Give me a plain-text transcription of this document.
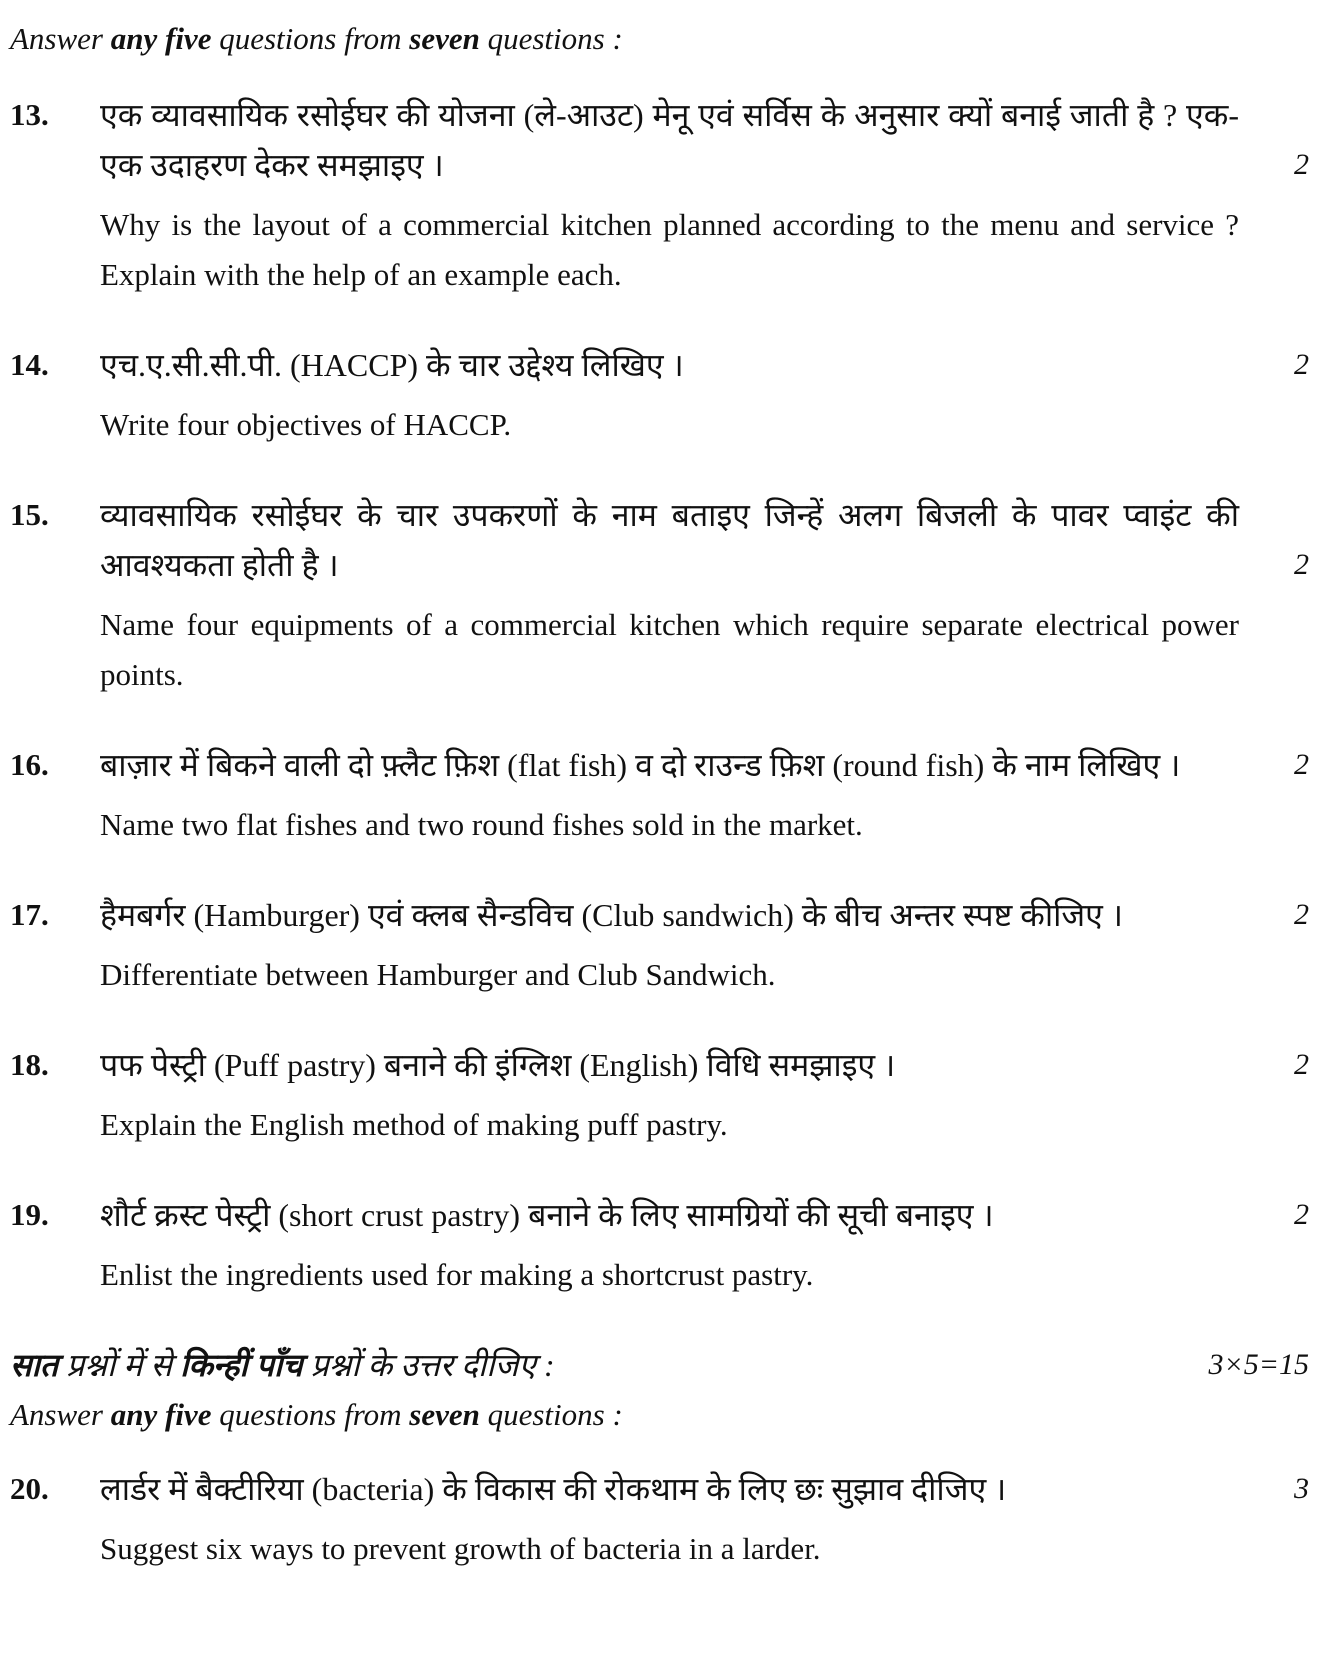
Answer any five questions from seven questions :
13.	एक व्यावसायिक रसोईघर की योजना (ले-आउट) मेनू एवं सर्विस के अनुसार क्यों बनाई जाती है ? एक-एक उदाहरण देकर समझाइए ।	2
Why is the layout of a commercial kitchen planned according to the menu and service ? Explain with the help of an example each.
14.	एच.ए.सी.सी.पी. (HACCP) के चार उद्देश्य लिखिए ।	2
Write four objectives of HACCP.
15.	व्यावसायिक रसोईघर के चार उपकरणों के नाम बताइए जिन्हें अलग बिजली के पावर प्वाइंट की आवश्यकता होती है ।	2
Name four equipments of a commercial kitchen which require separate electrical power points.
16.	बाज़ार में बिकने वाली दो फ़्लैट फ़िश (flat fish) व दो राउन्ड फ़िश (round fish) के नाम लिखिए ।	2
Name two flat fishes and two round fishes sold in the market.
17.	हैमबर्गर (Hamburger) एवं क्लब सैन्डविच (Club sandwich) के बीच अन्तर स्पष्ट कीजिए ।	2
Differentiate between Hamburger and Club Sandwich.
18.	पफ पेस्ट्री (Puff pastry) बनाने की इंग्लिश (English) विधि समझाइए ।	2
Explain the English method of making puff pastry.
19.	शौर्ट क्रस्ट पेस्ट्री (short crust pastry) बनाने के लिए सामग्रियों की सूची बनाइए ।	2
Enlist the ingredients used for making a shortcrust pastry.
सात प्रश्नों में से किन्हीं पाँच प्रश्नों के उत्तर दीजिए :	3×5=15
Answer any five questions from seven questions :
20.	लार्डर में बैक्टीरिया (bacteria) के विकास की रोकथाम के लिए छः सुझाव दीजिए ।	3
Suggest six ways to prevent growth of bacteria in a larder.
